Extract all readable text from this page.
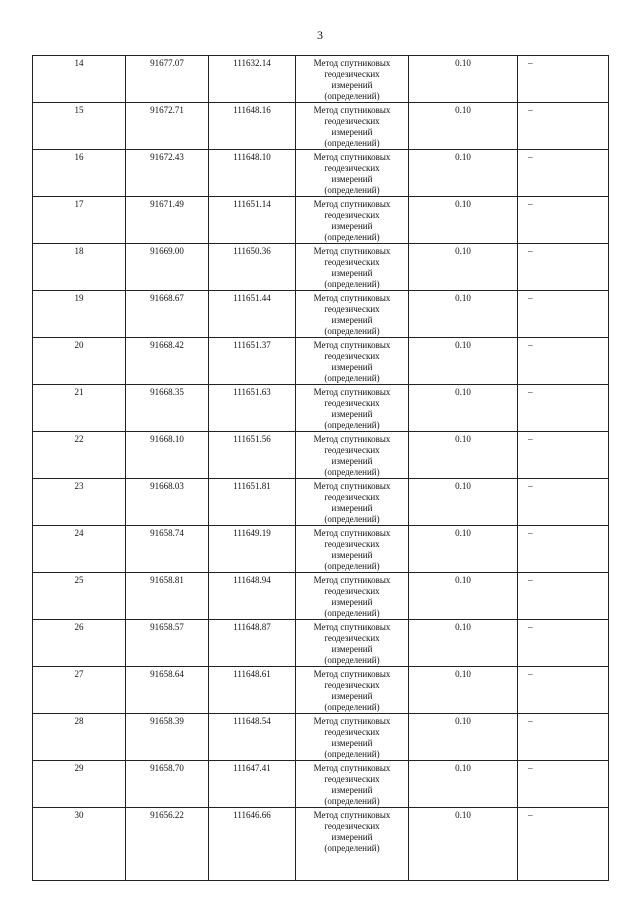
3
14	91677.07	111632.14	Метод спутниковых
геодезических
измерений
(определений)	0.10	–
15	91672.71	111648.16	Метод спутниковых
геодезических
измерений
(определений)	0.10	–
16	91672.43	111648.10	Метод спутниковых
геодезических
измерений
(определений)	0.10	–
17	91671.49	111651.14	Метод спутниковых
геодезических
измерений
(определений)	0.10	–
18	91669.00	111650.36	Метод спутниковых
геодезических
измерений
(определений)	0.10	–
19	91668.67	111651.44	Метод спутниковых
геодезических
измерений
(определений)	0.10	–
20	91668.42	111651.37	Метод спутниковых
геодезических
измерений
(определений)	0.10	–
21	91668.35	111651.63	Метод спутниковых
геодезических
измерений
(определений)	0.10	–
22	91668.10	111651.56	Метод спутниковых
геодезических
измерений
(определений)	0.10	–
23	91668.03	111651.81	Метод спутниковых
геодезических
измерений
(определений)	0.10	–
24	91658.74	111649.19	Метод спутниковых
геодезических
измерений
(определений)	0.10	–
25	91658.81	111648.94	Метод спутниковых
геодезических
измерений
(определений)	0.10	–
26	91658.57	111648.87	Метод спутниковых
геодезических
измерений
(определений)	0.10	–
27	91658.64	111648.61	Метод спутниковых
геодезических
измерений
(определений)	0.10	–
28	91658.39	111648.54	Метод спутниковых
геодезических
измерений
(определений)	0.10	–
29	91658.70	111647.41	Метод спутниковых
геодезических
измерений
(определений)	0.10	–
30	91656.22	111646.66	Метод спутниковых
геодезических
измерений
(определений)	0.10	–
